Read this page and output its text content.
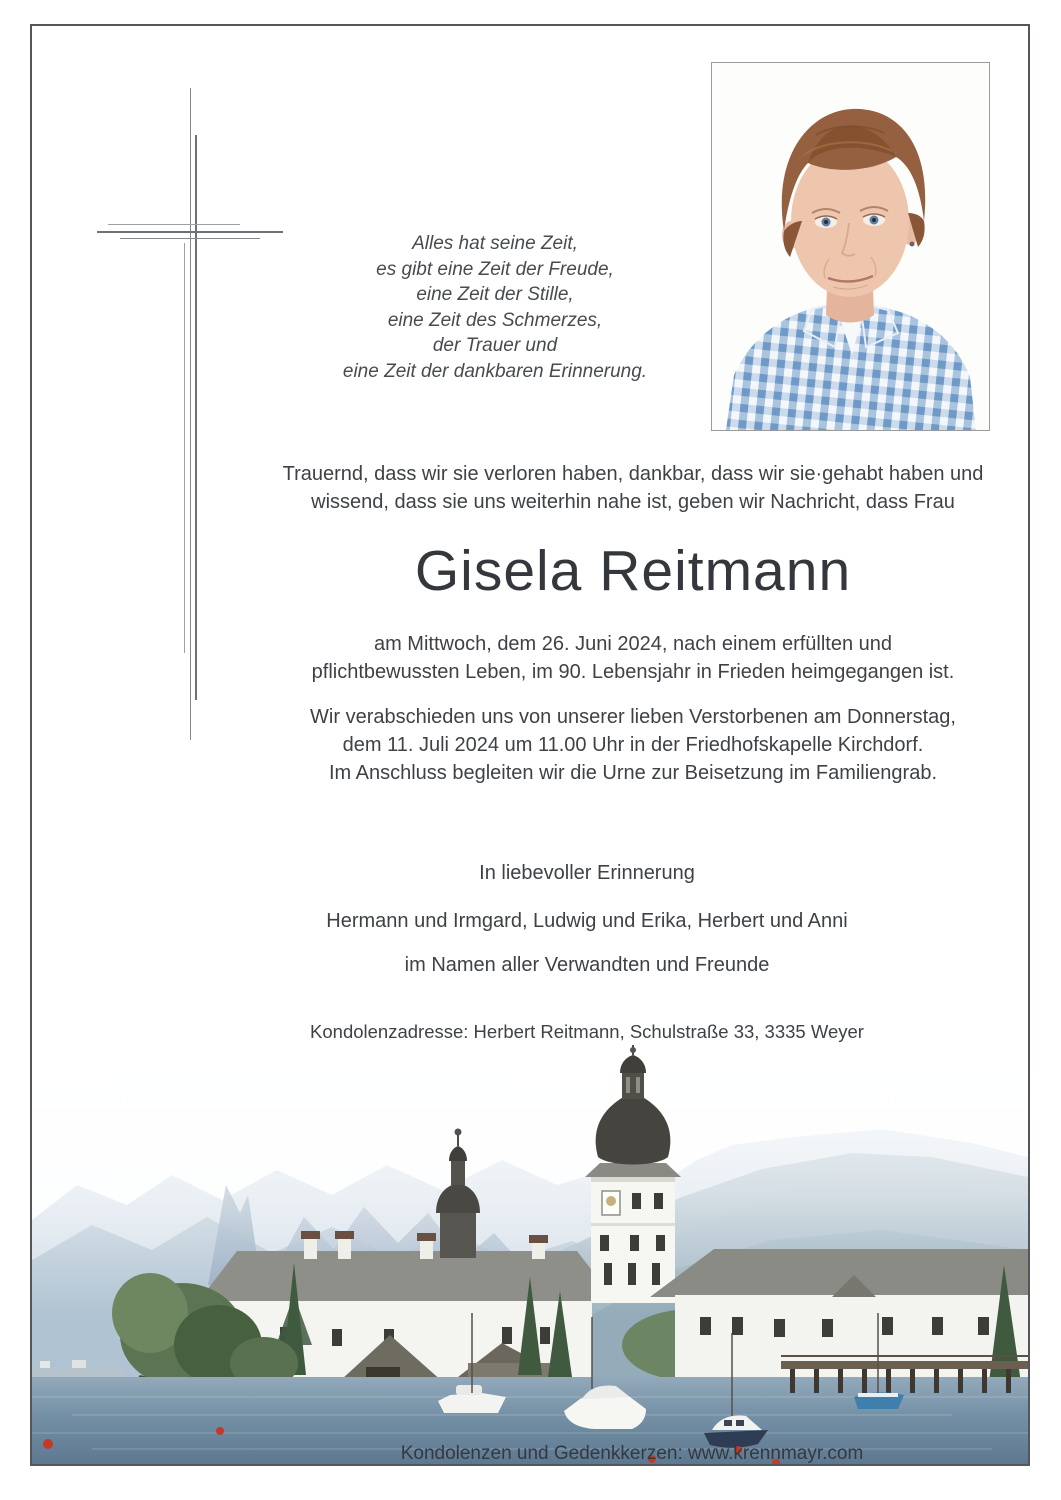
Alles hat seine Zeit,
es gibt eine Zeit der Freude,
eine Zeit der Stille,
eine Zeit des Schmerzes,
der Trauer und
eine Zeit der dankbaren Erinnerung.
Trauernd, dass wir sie verloren haben, dankbar, dass wir sie·gehabt haben und
wissend, dass sie uns weiterhin nahe ist, geben wir Nachricht, dass Frau
Gisela Reitmann
am Mittwoch, dem 26. Juni 2024, nach einem erfüllten und
pflichtbewussten Leben, im 90. Lebensjahr in Frieden heimgegangen ist.
Wir verabschieden uns von unserer lieben Verstorbenen am Donnerstag,
dem 11. Juli 2024 um 11.00 Uhr in der Friedhofskapelle Kirchdorf.
Im Anschluss begleiten wir die Urne zur Beisetzung im Familiengrab.
In liebevoller Erinnerung
Hermann und Irmgard, Ludwig und Erika, Herbert und Anni
im Namen aller Verwandten und Freunde
Kondolenzadresse: Herbert Reitmann, Schulstraße 33, 3335 Weyer
Kondolenzen und Gedenkkerzen: www.krennmayr.com
